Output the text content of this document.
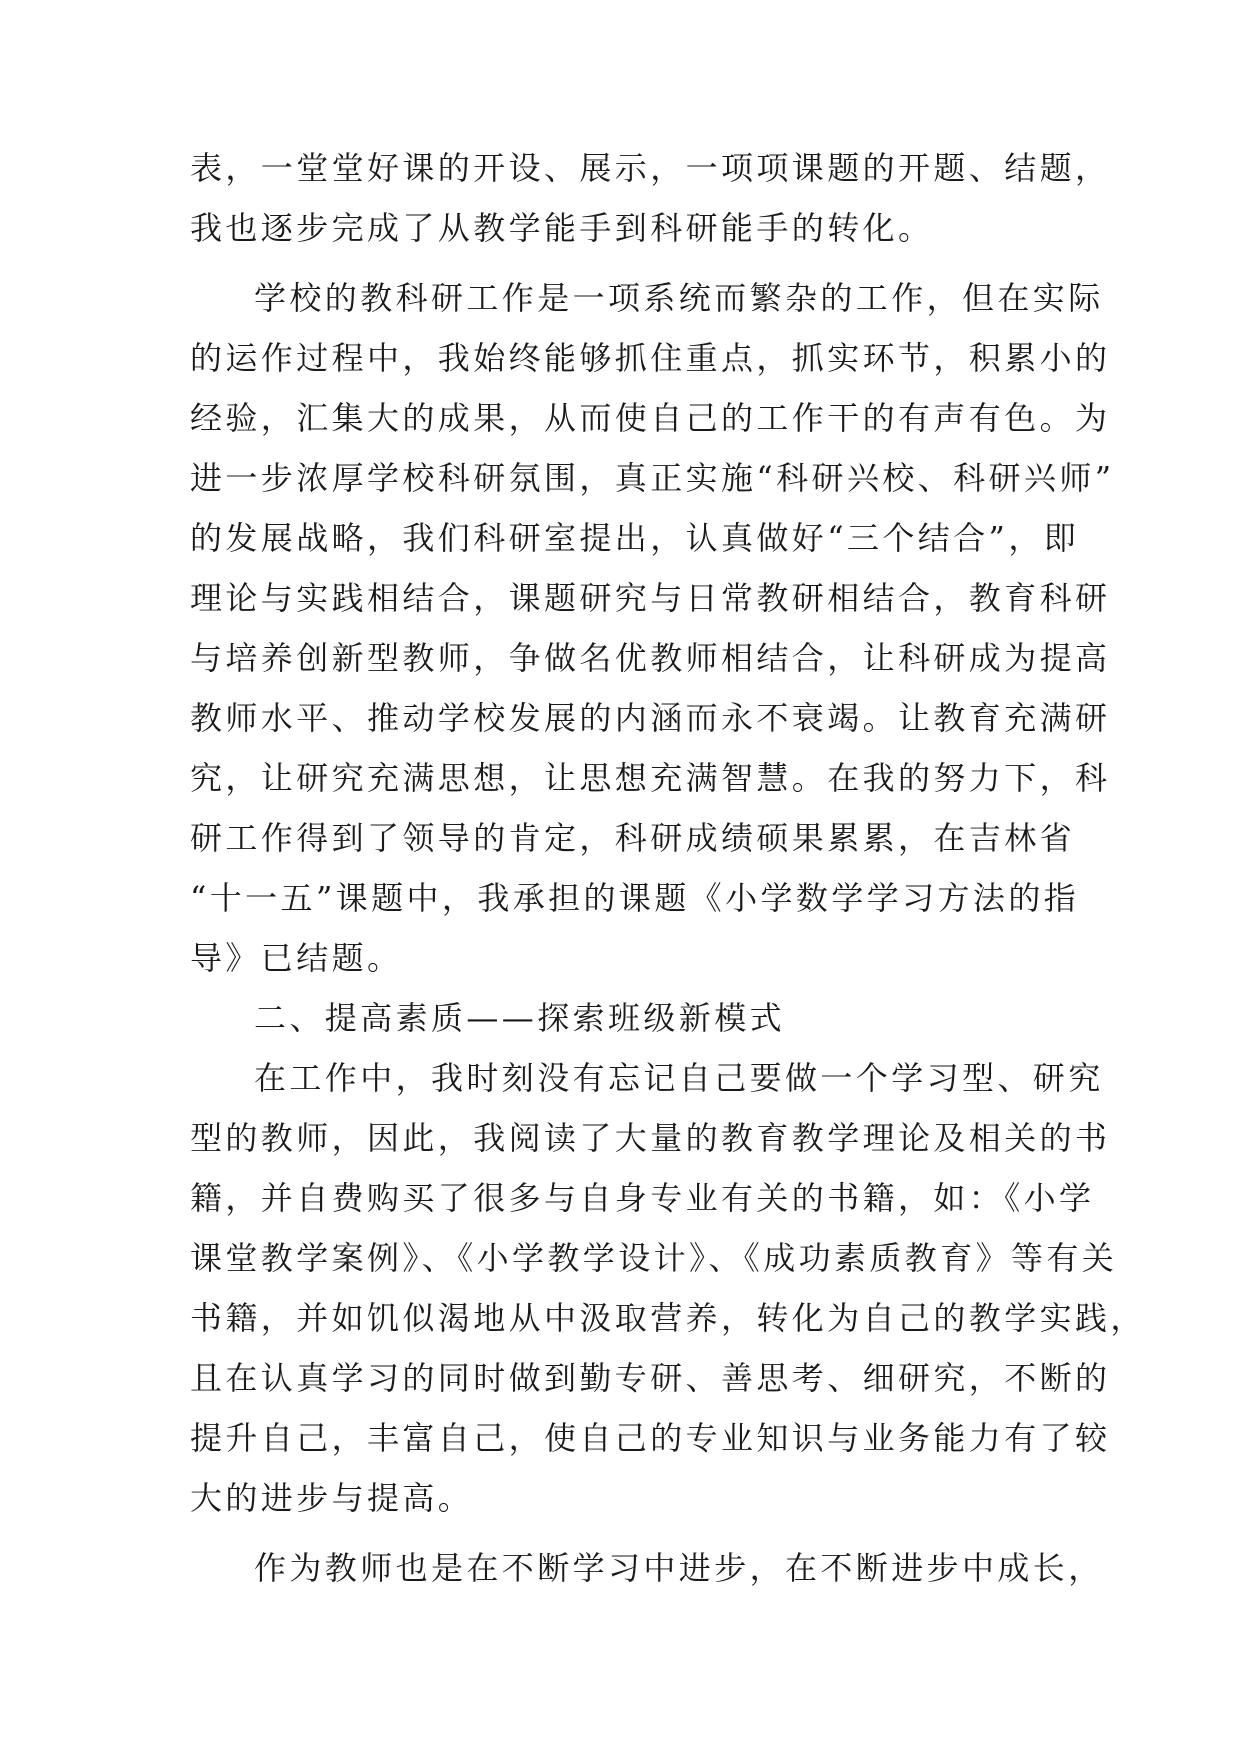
表，一堂堂好课的开设、展示，一项项课题的开题、结题，
我也逐步完成了从教学能手到科研能手的转化。
学校的教科研工作是一项系统而繁杂的工作，但在实际
的运作过程中，我始终能够抓住重点，抓实环节，积累小的
经验，汇集大的成果，从而使自己的工作干的有声有色。为
进一步浓厚学校科研氛围，真正实施“科研兴校、科研兴师”
的发展战略，我们科研室提出，认真做好“三个结合”，即
理论与实践相结合，课题研究与日常教研相结合，教育科研
与培养创新型教师，争做名优教师相结合，让科研成为提高
教师水平、推动学校发展的内涵而永不衰竭。让教育充满研
究，让研究充满思想，让思想充满智慧。在我的努力下，科
研工作得到了领导的肯定，科研成绩硕果累累，在吉林省
“十一五”课题中，我承担的课题《小学数学学习方法的指
导》已结题。
二、提高素质——探索班级新模式
在工作中，我时刻没有忘记自己要做一个学习型、研究
型的教师，因此，我阅读了大量的教育教学理论及相关的书
籍，并自费购买了很多与自身专业有关的书籍，如：《小学
课堂教学案例》、《小学教学设计》、《成功素质教育》等有关
书籍，并如饥似渴地从中汲取营养，转化为自己的教学实践，
且在认真学习的同时做到勤专研、善思考、细研究，不断的
提升自己，丰富自己，使自己的专业知识与业务能力有了较
大的进步与提高。
作为教师也是在不断学习中进步，在不断进步中成长，
